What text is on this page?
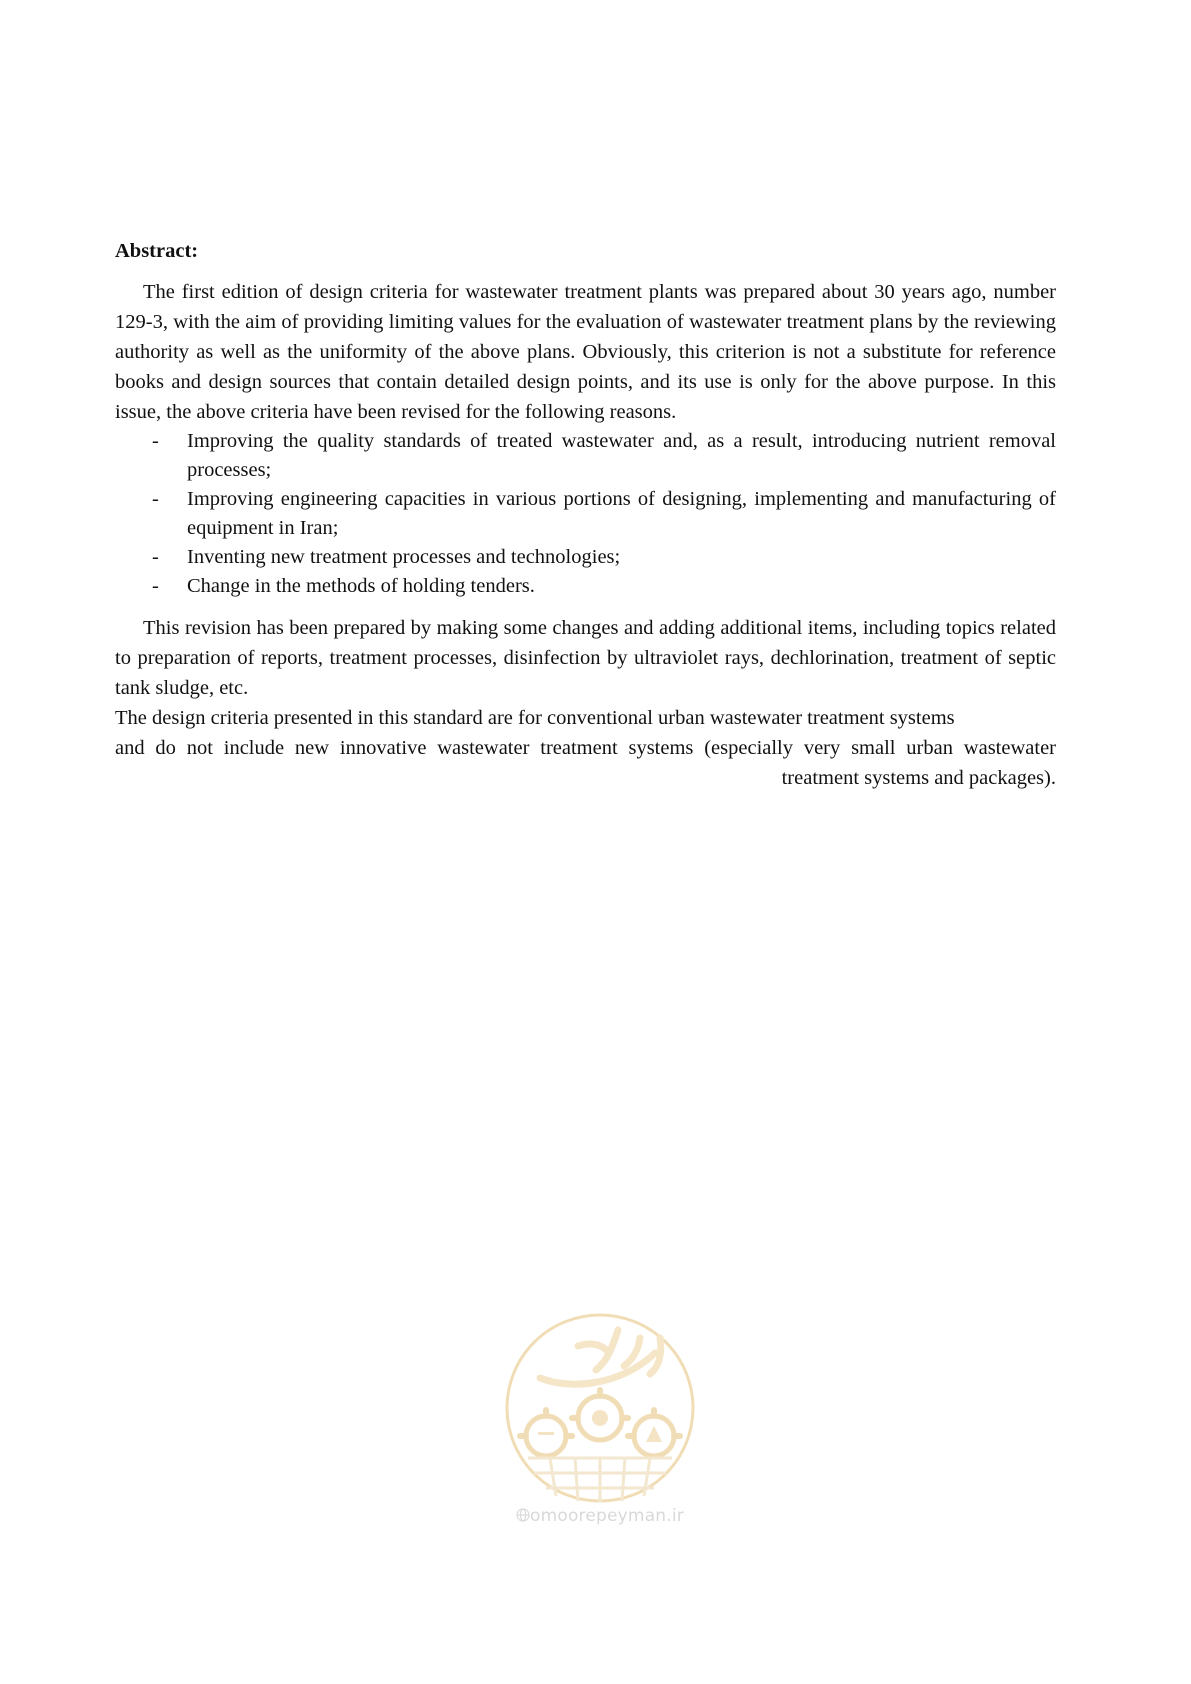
Abstract:

The first edition of design criteria for wastewater treatment plants was prepared about 30 years ago, number 129-3, with the aim of providing limiting values for the evaluation of wastewater treatment plans by the reviewing authority as well as the uniformity of the above plans. Obviously, this criterion is not a substitute for reference books and design sources that contain detailed design points, and its use is only for the above purpose. In this issue, the above criteria have been revised for the following reasons.

- Improving the quality standards of treated wastewater and, as a result, introducing nutrient removal processes;
- Improving engineering capacities in various portions of designing, implementing and manufacturing of equipment in Iran;
- Inventing new treatment processes and technologies;
- Change in the methods of holding tenders.

This revision has been prepared by making some changes and adding additional items, including topics related to preparation of reports, treatment processes, disinfection by ultraviolet rays, dechlorination, treatment of septic tank sludge, etc.

The design criteria presented in this standard are for conventional urban wastewater treatment systems

and do not include new innovative wastewater treatment systems (especially very small urban wastewater treatment systems and packages).

omoorepeyman.ir
